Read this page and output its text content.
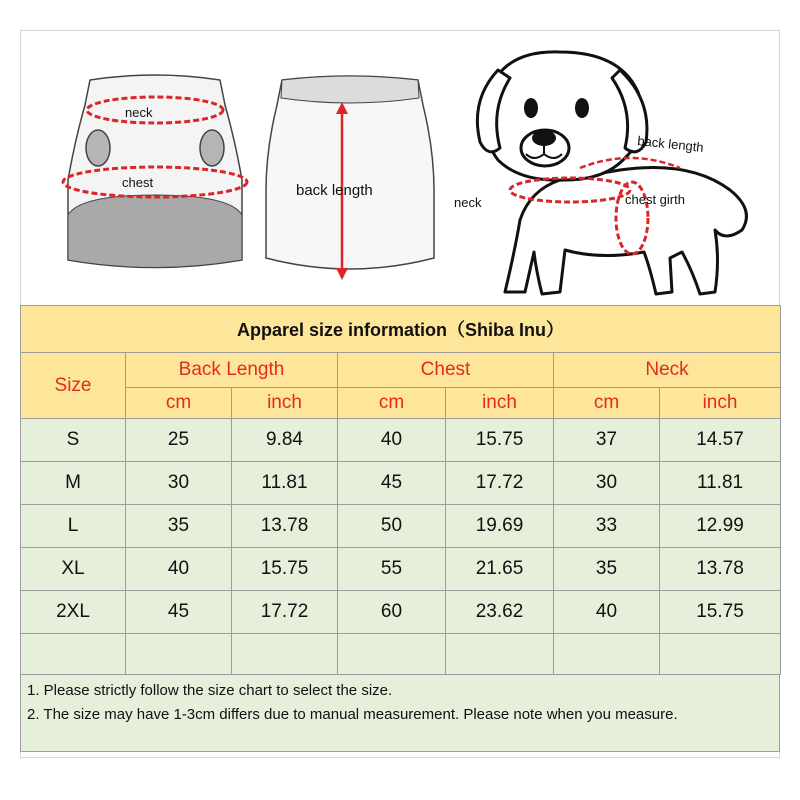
neck
chest	back length
back length
neck	chest girth
Apparel size information（Shiba Inu）						
Size	Back Length		Chest		Neck	
	cm	inch	cm	inch	cm	inch
S	25	9.84	40	15.75	37	14.57
M	30	11.81	45	17.72	30	11.81
L	35	13.78	50	19.69	33	12.99
XL	40	15.75	55	21.65	35	13.78
2XL	45	17.72	60	23.62	40	15.75

1. Please strictly follow the size chart to select the size.
2. The size may have 1-3cm differs due to manual measurement. Please note when you measure.
